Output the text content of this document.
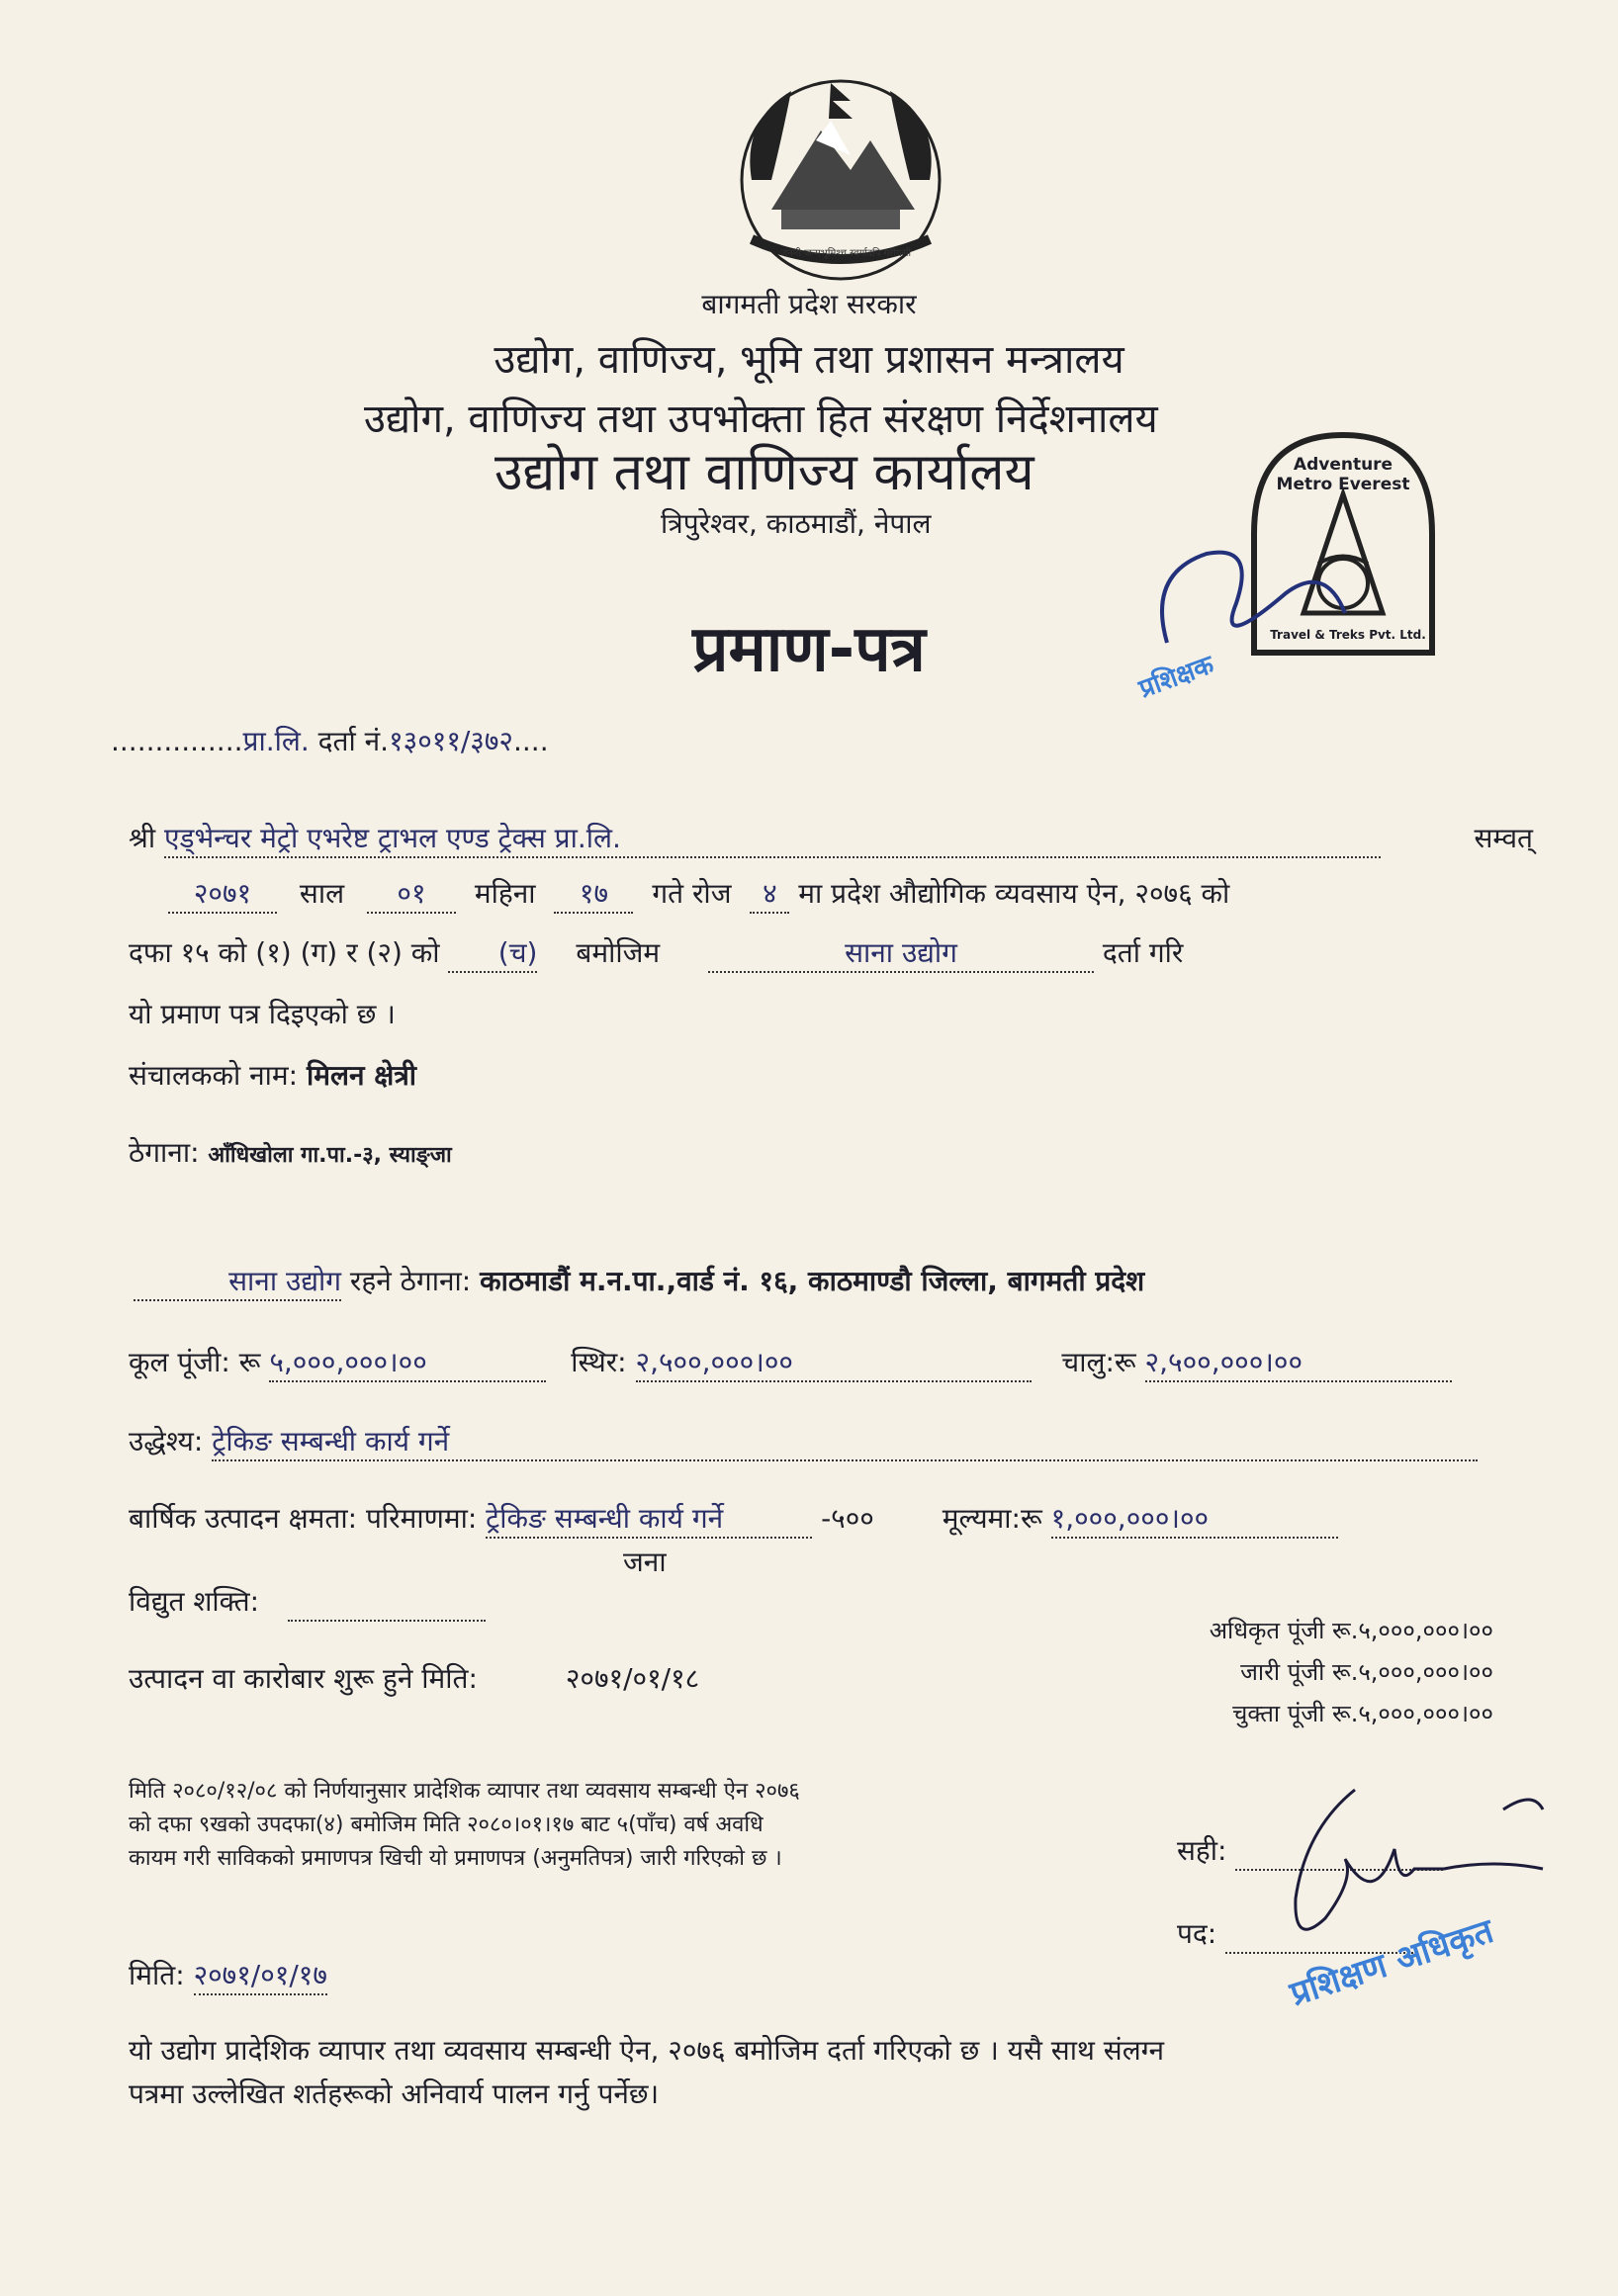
जननी जन्मभूमिश्च स्वर्गादपि गरीयसी
बागमती प्रदेश सरकार
उद्योग, वाणिज्य, भूमि तथा प्रशासन मन्त्रालय
उद्योग, वाणिज्य तथा उपभोक्ता हित संरक्षण निर्देशनालय
उद्योग तथा वाणिज्य कार्यालय
त्रिपुरेश्वर, काठमाडौं, नेपाल
Adventure Metro Everest
Travel & Treks Pvt. Ltd.
प्रशिक्षक
प्रमाण-पत्र
...............प्रा.लि. दर्ता नं.१३०११/३७२....
श्री एड्भेन्चर मेट्रो एभरेष्ट ट्राभल एण्ड ट्रेक्स प्रा.लि.	सम्वत्
२०७१ साल ०१ महिना १७ गते रोज ४ मा प्रदेश औद्योगिक व्यवसाय ऐन, २०७६ को
दफा १५ को (१) (ग) र (२) को (च) बमोजिम	साना उद्योग	दर्ता गरि
यो प्रमाण पत्र दिइएको छ ।
संचालकको नाम: मिलन क्षेत्री
ठेगाना: आँधिखोला गा.पा.-३, स्याङ्जा
साना उद्योग रहने ठेगाना: काठमाडौं म.न.पा.,वार्ड नं. १६, काठमाण्डौ जिल्ला, बागमती प्रदेश
कूल पूंजी: रू ५,०००,०००।००	स्थिर: २,५००,०००।००	चालु:रू २,५००,०००।००
उद्धेश्य: ट्रेकिङ सम्बन्धी कार्य गर्ने
बार्षिक उत्पादन क्षमता: परिमाणमा: ट्रेकिङ सम्बन्धी कार्य गर्ने	-५०० मूल्यमा:रू १,०००,०००।००
जना
विद्युत शक्ति:
उत्पादन वा कारोबार शुरू हुने मिति:	२०७१/०१/१८
अधिकृत पूंजी रू.५,०००,०००।००
जारी पूंजी रू.५,०००,०००।००
चुक्ता पूंजी रू.५,०००,०००।००
मिति २०८०/१२/०८ को निर्णयानुसार प्रादेशिक व्यापार तथा व्यवसाय सम्बन्धी ऐन २०७६
को दफा ९खको उपदफा(४) बमोजिम मिति २०८०।०१।१७ बाट ५(पाँच) वर्ष अवधि
कायम गरी साविकको प्रमाणपत्र खिची यो प्रमाणपत्र (अनुमतिपत्र) जारी गरिएको छ ।	सही:
पद:	प्रशिक्षण अधिकृत
मिति: २०७१/०१/१७
यो उद्योग प्रादेशिक व्यापार तथा व्यवसाय सम्बन्धी ऐन, २०७६ बमोजिम दर्ता गरिएको छ । यसै साथ संलग्न
पत्रमा उल्लेखित शर्तहरूको अनिवार्य पालन गर्नु पर्नेछ।
